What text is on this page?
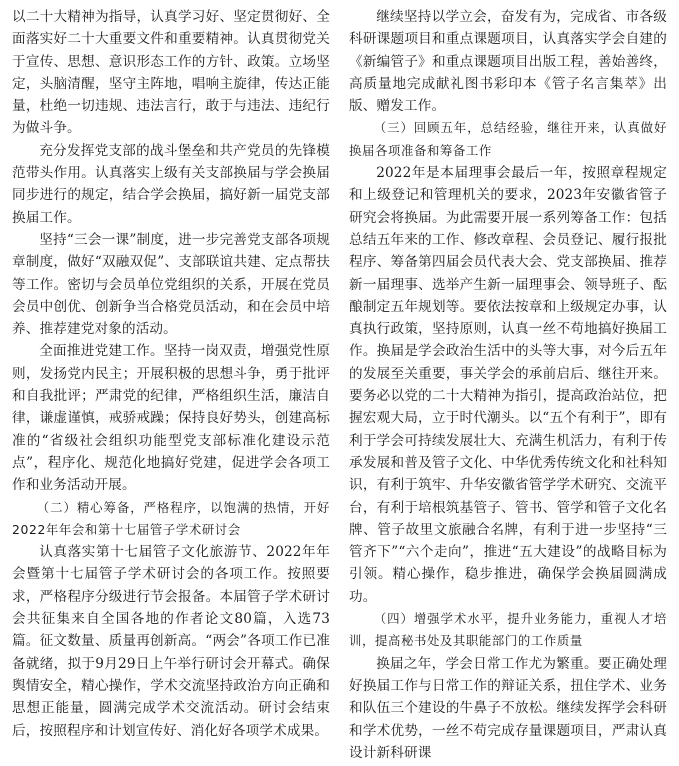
以二十大精神为指导，认真学习好、坚定贯彻好、全面落实好二十大重要文件和重要精神。认真贯彻党关于宣传、思想、意识形态工作的方针、政策。立场坚定，头脑清醒，坚守主阵地，唱响主旋律，传达正能量，杜绝一切违规、违法言行，敢于与违法、违纪行为做斗争。

充分发挥党支部的战斗堡垒和共产党员的先锋模范带头作用。认真落实上级有关支部换届与学会换届同步进行的规定，结合学会换届，搞好新一届党支部换届工作。

坚持“三会一课”制度，进一步完善党支部各项规章制度，做好“双融双促”、支部联谊共建、定点帮扶等工作。密切与会员单位党组织的关系，开展在党员会员中创优、创新争当合格党员活动，和在会员中培养、推荐建党对象的活动。

全面推进党建工作。坚持一岗双责，增强党性原则，发扬党内民主；开展积极的思想斗争，勇于批评和自我批评；严肃党的纪律，严格组织生活，廉洁自律，谦虚谨慎，戒骄戒躁；保持良好势头，创建高标准的“省级社会组织功能型党支部标准化建设示范点”，程序化、规范化地搞好党建，促进学会各项工作和业务活动开展。

（二）精心筹备，严格程序，以饱满的热情，开好2022年年会和第十七届管子学术研讨会

认真落实第十七届管子文化旅游节、2022年年会暨第十七届管子学术研讨会的各项工作。按照要求，严格程序分级进行节会报备。本届管子学术研讨会共征集来自全国各地的作者论文80篇，入选73篇。征文数量、质量再创新高。“两会”各项工作已准备就绪，拟于9月29日上午举行研讨会开幕式。确保舆情安全，精心操作，学术交流坚持政治方向正确和思想正能量，圆满完成学术交流活动。研讨会结束后，按照程序和计划宣传好、消化好各项学术成果。

继续坚持以学立会，奋发有为，完成省、市各级科研课题项目和重点课题项目，认真落实学会自建的《新编管子》和重点课题项目出版工程，善始善终，高质量地完成献礼图书彩印本《管子名言集萃》出版、赠发工作。

（三）回顾五年，总结经验，继往开来，认真做好换届各项准备和筹备工作

2022年是本届理事会最后一年，按照章程规定和上级登记和管理机关的要求，2023年安徽省管子研究会将换届。为此需要开展一系列筹备工作：包括总结五年来的工作、修改章程、会员登记、履行报批程序、筹备第四届会员代表大会、党支部换届、推荐新一届理事、选举产生新一届理事会、领导班子、酝酿制定五年规划等。要依法按章和上级规定办事，认真执行政策，坚持原则，认真一丝不苟地搞好换届工作。换届是学会政治生活中的头等大事，对今后五年的发展至关重要，事关学会的承前启后、继往开来。要务必以党的二十大精神为指引，提高政治站位，把握宏观大局，立于时代潮头。以“五个有利于”，即有利于学会可持续发展壮大、充满生机活力，有利于传承发展和普及管子文化、中华优秀传统文化和社科知识，有利于筑牢、升华安徽省管学学术研究、交流平台，有利于培根筑基管子、管书、管学和管子文化名牌、管子故里文旅融合名牌，有利于进一步坚持“三管齐下”“六个走向”，推进“五大建设”的战略目标为引领。精心操作，稳步推进，确保学会换届圆满成功。

（四）增强学术水平，提升业务能力，重视人才培训，提高秘书处及其职能部门的工作质量

换届之年，学会日常工作尤为繁重。要正确处理好换届工作与日常工作的辩证关系，扭住学术、业务和队伍三个建设的牛鼻子不放松。继续发挥学会科研和学术优势，一丝不苟完成存量课题项目，严肃认真设计新科研课
